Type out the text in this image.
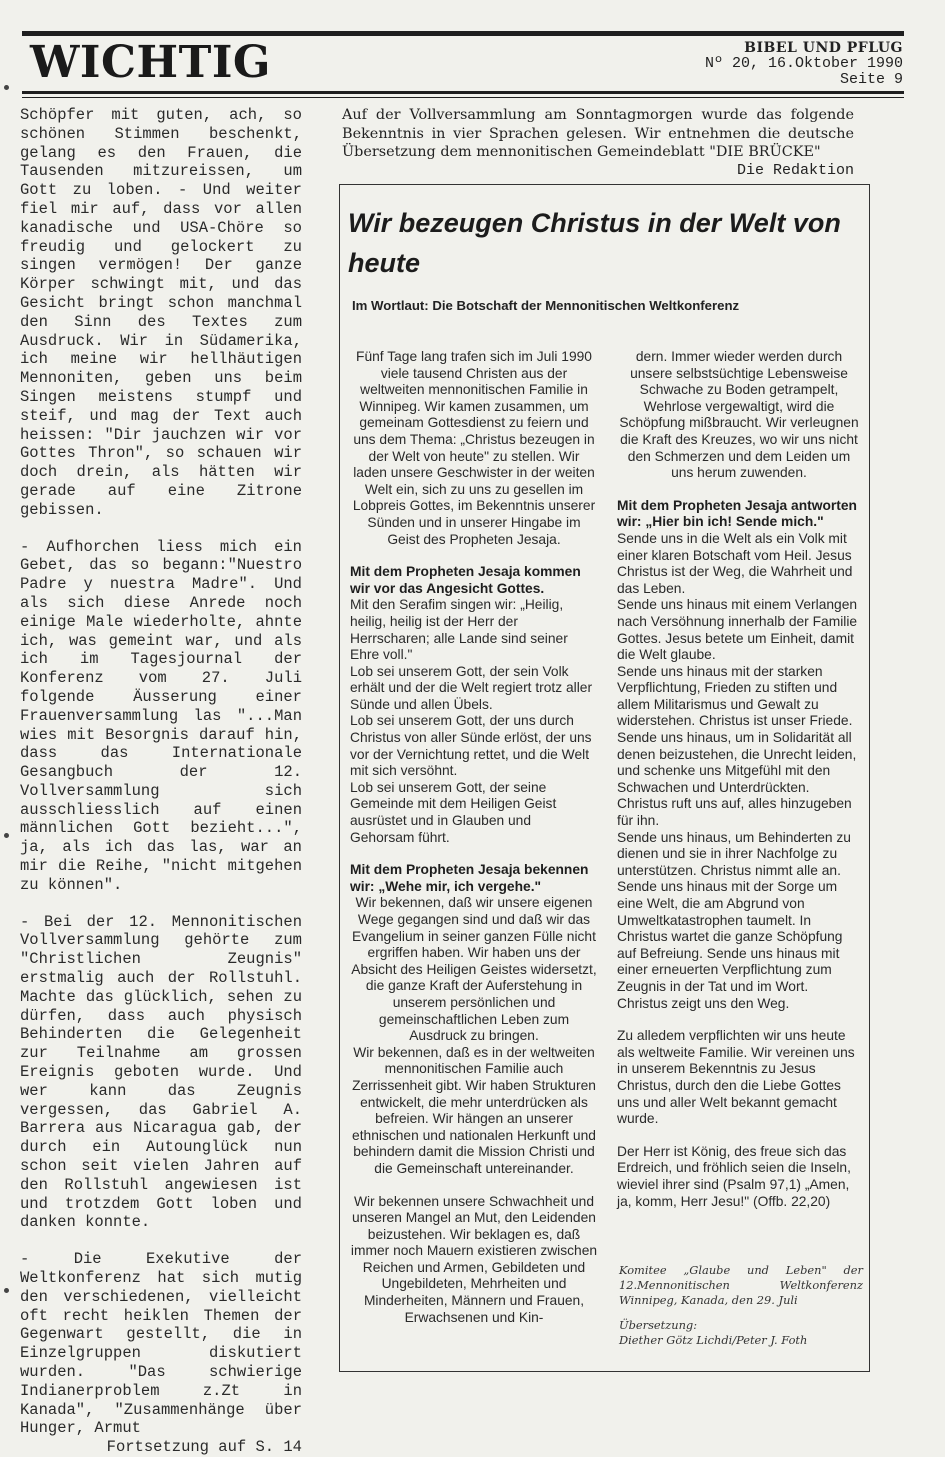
WICHTIG	BIBEL UND PFLUG
Nº 20, 16.Oktober 1990
Seite 9

Schöpfer mit guten, ach, so schönen Stimmen beschenkt, gelang es den Frauen, die Tausenden mitzureissen, um Gott zu loben. - Und weiter fiel mir auf, dass vor allen kanadische und USA-Chöre so freudig und gelockert zu singen vermögen! Der ganze Körper schwingt mit, und das Gesicht bringt schon manchmal den Sinn des Textes zum Ausdruck. Wir in Südamerika, ich meine wir hellhäutigen Mennoniten, geben uns beim Singen meistens stumpf und steif, und mag der Text auch heissen: "Dir jauchzen wir vor Gottes Thron", so schauen wir doch drein, als hätten wir gerade auf eine Zitrone gebissen.

- Aufhorchen liess mich ein Gebet, das so begann:"Nuestro Padre y nuestra Madre". Und als sich diese Anrede noch einige Male wiederholte, ahnte ich, was gemeint war, und als ich im Tagesjournal der Konferenz vom 27. Juli folgende Äusserung einer Frauenversammlung las "...Man wies mit Besorgnis darauf hin, dass das Internationale Gesangbuch der 12. Vollversammlung sich ausschliesslich auf einen männlichen Gott bezieht...", ja, als ich das las, war an mir die Reihe, "nicht mitgehen zu können".

- Bei der 12. Mennonitischen Vollversammlung gehörte zum "Christlichen Zeugnis" erstmalig auch der Rollstuhl. Machte das glücklich, sehen zu dürfen, dass auch physisch Behinderten die Gelegenheit zur Teilnahme am grossen Ereignis geboten wurde. Und wer kann das Zeugnis vergessen, das Gabriel A. Barrera aus Nicaragua gab, der durch ein Autounglück nun schon seit vielen Jahren auf den Rollstuhl angewiesen ist und trotzdem Gott loben und danken konnte.

- Die Exekutive der Weltkonferenz hat sich mutig den verschiedenen, vielleicht oft recht heiklen Themen der Gegenwart gestellt, die in Einzelgruppen diskutiert wurden. "Das schwierige Indianerproblem z.Zt in Kanada", "Zusammenhänge über Hunger, Armut

Fortsetzung auf S. 14

Auf der Vollversammlung am Sonntagmorgen wurde das folgende Bekenntnis in vier Sprachen gelesen. Wir entnehmen die deutsche Übersetzung dem mennonitischen Gemeindeblatt "DIE BRÜCKE"
Die Redaktion
Wir bezeugen Christus in der Welt von heute

Im Wortlaut: Die Botschaft der Mennonitischen Weltkonferenz

Fünf Tage lang trafen sich im Juli 1990 viele tausend Christen aus der weltweiten mennonitischen Familie in Winnipeg. Wir kamen zusammen, um gemeinam Gottesdienst zu feiern und uns dem Thema: „Christus bezeugen in der Welt von heute" zu stellen. Wir laden unsere Geschwister in der weiten Welt ein, sich zu uns zu gesellen im Lobpreis Gottes, im Bekenntnis unserer Sünden und in unserer Hingabe im Geist des Propheten Jesaja.

Mit dem Propheten Jesaja kommen wir vor das Angesicht Gottes.

Mit den Serafim singen wir: „Heilig, heilig, heilig ist der Herr der Herrscharen; alle Lande sind seiner Ehre voll."

Lob sei unserem Gott, der sein Volk erhält und der die Welt regiert trotz aller Sünde und allen Übels.

Lob sei unserem Gott, der uns durch Christus von aller Sünde erlöst, der uns vor der Vernichtung rettet, und die Welt mit sich versöhnt.

Lob sei unserem Gott, der seine Gemeinde mit dem Heiligen Geist ausrüstet und in Glauben und Gehorsam führt.

Mit dem Propheten Jesaja bekennen wir: „Wehe mir, ich vergehe."

Wir bekennen, daß wir unsere eigenen Wege gegangen sind und daß wir das Evangelium in seiner ganzen Fülle nicht ergriffen haben. Wir haben uns der Absicht des Heiligen Geistes widersetzt, die ganze Kraft der Auferstehung in unserem persönlichen und gemeinschaftlichen Leben zum Ausdruck zu bringen.

Wir bekennen, daß es in der weltweiten mennonitischen Familie auch Zerrissenheit gibt. Wir haben Strukturen entwickelt, die mehr unterdrücken als befreien. Wir hängen an unserer ethnischen und nationalen Herkunft und behindern damit die Mission Christi und die Gemeinschaft untereinander.

Wir bekennen unsere Schwachheit und unseren Mangel an Mut, den Leidenden beizustehen. Wir beklagen es, daß immer noch Mauern existieren zwischen Reichen und Armen, Gebildeten und Ungebildeten, Mehrheiten und Minderheiten, Männern und Frauen, Erwachsenen und Kin-

dern. Immer wieder werden durch unsere selbstsüchtige Lebensweise Schwache zu Boden getrampelt, Wehrlose vergewaltigt, wird die Schöpfung mißbraucht. Wir verleugnen die Kraft des Kreuzes, wo wir uns nicht den Schmerzen und dem Leiden um uns herum zuwenden.

Mit dem Propheten Jesaja antworten wir: „Hier bin ich! Sende mich."

Sende uns in die Welt als ein Volk mit einer klaren Botschaft vom Heil. Jesus Christus ist der Weg, die Wahrheit und das Leben.

Sende uns hinaus mit einem Verlangen nach Versöhnung innerhalb der Familie Gottes. Jesus betete um Einheit, damit die Welt glaube.

Sende uns hinaus mit der starken Verpflichtung, Frieden zu stiften und allem Militarismus und Gewalt zu widerstehen. Christus ist unser Friede.

Sende uns hinaus, um in Solidarität all denen beizustehen, die Unrecht leiden, und schenke uns Mitgefühl mit den Schwachen und Unterdrückten. Christus ruft uns auf, alles hinzugeben für ihn.

Sende uns hinaus, um Behinderten zu dienen und sie in ihrer Nachfolge zu unterstützen. Christus nimmt alle an.

Sende uns hinaus mit der Sorge um eine Welt, die am Abgrund von Umweltkatastrophen taumelt. In Christus wartet die ganze Schöpfung auf Befreiung. Sende uns hinaus mit einer erneuerten Verpflichtung zum Zeugnis in der Tat und im Wort. Christus zeigt uns den Weg.

Zu alledem verpflichten wir uns heute als weltweite Familie. Wir vereinen uns in unserem Bekenntnis zu Jesus Christus, durch den die Liebe Gottes uns und aller Welt bekannt gemacht wurde.

Der Herr ist König, des freue sich das Erdreich, und fröhlich seien die Inseln, wieviel ihrer sind (Psalm 97,1) „Amen, ja, komm, Herr Jesu!" (Offb. 22,20)

Komitee „Glaube und Leben" der 12.Mennonitischen Weltkonferenz Winnipeg, Kanada, den 29. Juli

Übersetzung:

Diether Götz Lichdi/Peter J. Foth
